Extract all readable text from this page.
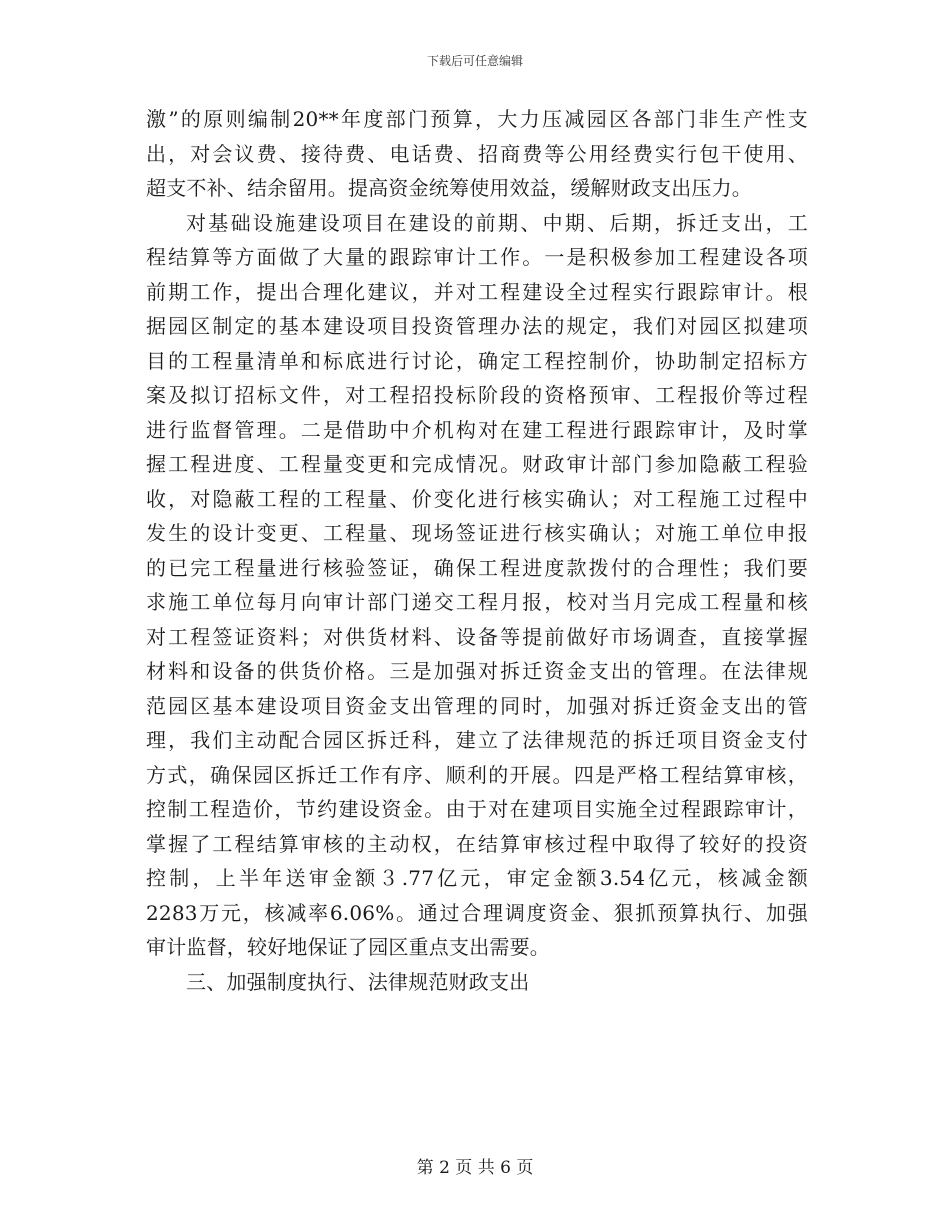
下载后可任意编辑
激”的原则编制20**年度部门预算，大力压减园区各部门非生产性支
出，对会议费、接待费、电话费、招商费等公用经费实行包干使用、
超支不补、结余留用。提高资金统筹使用效益，缓解财政支出压力。
对基础设施建设项目在建设的前期、中期、后期，拆迁支出，工
程结算等方面做了大量的跟踪审计工作。一是积极参加工程建设各项
前期工作，提出合理化建议，并对工程建设全过程实行跟踪审计。根
据园区制定的基本建设项目投资管理办法的规定，我们对园区拟建项
目的工程量清单和标底进行讨论，确定工程控制价，协助制定招标方
案及拟订招标文件，对工程招投标阶段的资格预审、工程报价等过程
进行监督管理。二是借助中介机构对在建工程进行跟踪审计，及时掌
握工程进度、工程量变更和完成情况。财政审计部门参加隐蔽工程验
收，对隐蔽工程的工程量、价变化进行核实确认；对工程施工过程中
发生的设计变更、工程量、现场签证进行核实确认；对施工单位申报
的已完工程量进行核验签证，确保工程进度款拨付的合理性；我们要
求施工单位每月向审计部门递交工程月报，校对当月完成工程量和核
对工程签证资料；对供货材料、设备等提前做好市场调查，直接掌握
材料和设备的供货价格。三是加强对拆迁资金支出的管理。在法律规
范园区基本建设项目资金支出管理的同时，加强对拆迁资金支出的管
理，我们主动配合园区拆迁科，建立了法律规范的拆迁项目资金支付
方式，确保园区拆迁工作有序、顺利的开展。四是严格工程结算审核，
控制工程造价，节约建设资金。由于对在建项目实施全过程跟踪审计，
掌握了工程结算审核的主动权，在结算审核过程中取得了较好的投资
控制，上半年送审金额３.77亿元，审定金额3.54亿元，核减金额
2283万元，核减率6.06%。通过合理调度资金、狠抓预算执行、加强
审计监督，较好地保证了园区重点支出需要。
三、加强制度执行、法律规范财政支出
第 2 页 共 6 页
